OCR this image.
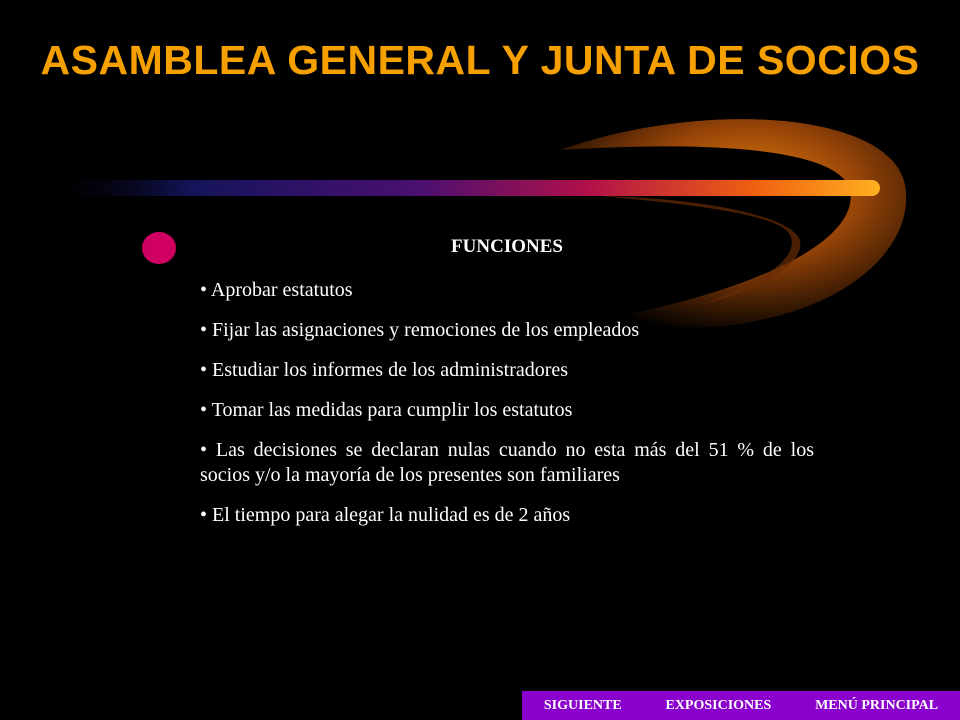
ASAMBLEA GENERAL Y JUNTA DE SOCIOS
FUNCIONES
• Aprobar estatutos
• Fijar las asignaciones y remociones de los empleados
• Estudiar los informes de los administradores
• Tomar las medidas para cumplir los estatutos
• Las decisiones se declaran nulas cuando no esta más del 51 % de los socios y/o la mayoría de los presentes son familiares
• El tiempo para alegar la nulidad es de 2 años
SIGUIENTE	EXPOSICIONES	MENÚ PRINCIPAL
